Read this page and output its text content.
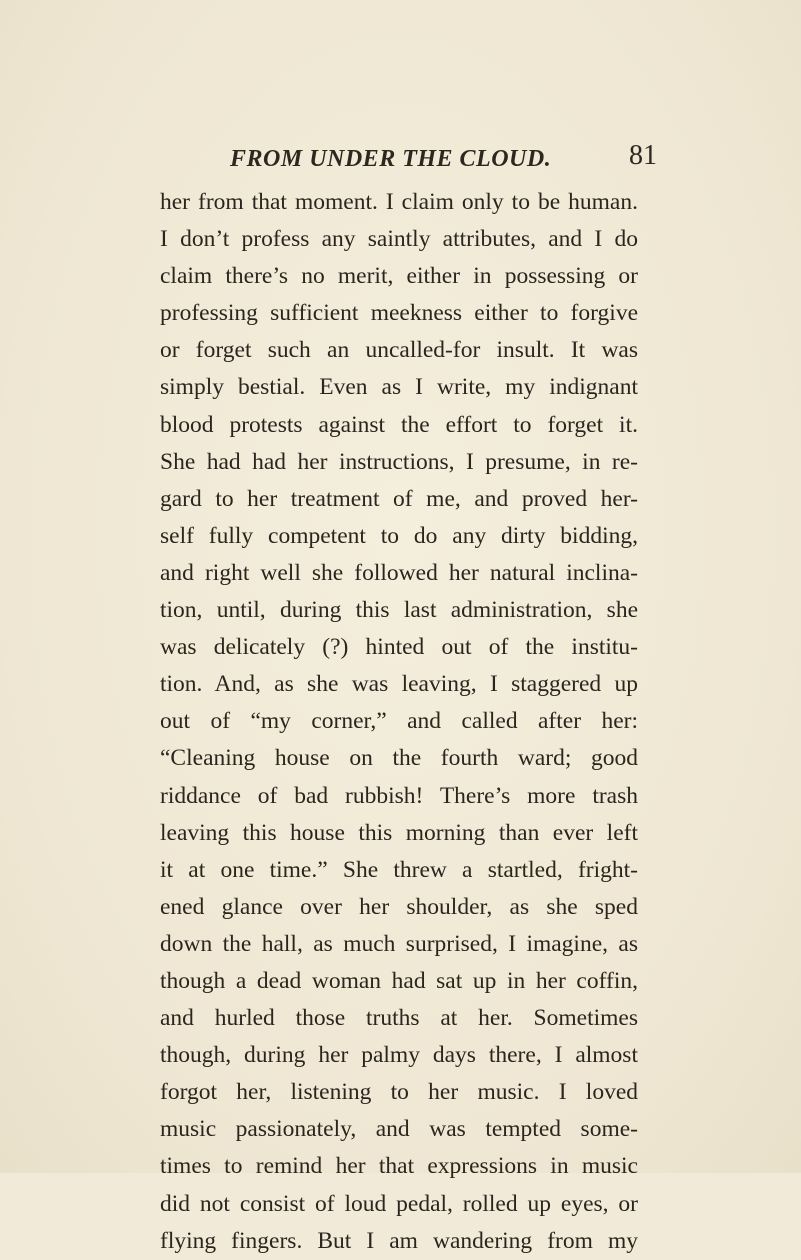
FROM UNDER THE CLOUD.	81
her from that moment. I claim only to be human.
I don’t profess any saintly attributes, and I do
claim there’s no merit, either in possessing or
professing sufficient meekness either to forgive
or forget such an uncalled-for insult. It was
simply bestial. Even as I write, my indignant
blood protests against the effort to forget it.
She had had her instructions, I presume, in re-
gard to her treatment of me, and proved her-
self fully competent to do any dirty bidding,
and right well she followed her natural inclina-
tion, until, during this last administration, she
was delicately (?) hinted out of the institu-
tion. And, as she was leaving, I staggered up
out of “my corner,” and called after her:
“Cleaning house on the fourth ward; good
riddance of bad rubbish! There’s more trash
leaving this house this morning than ever left
it at one time.” She threw a startled, fright-
ened glance over her shoulder, as she sped
down the hall, as much surprised, I imagine, as
though a dead woman had sat up in her coffin,
and hurled those truths at her. Sometimes
though, during her palmy days there, I almost
forgot her, listening to her music. I loved
music passionately, and was tempted some-
times to remind her that expressions in music
did not consist of loud pedal, rolled up eyes, or
flying fingers. But I am wandering from my
